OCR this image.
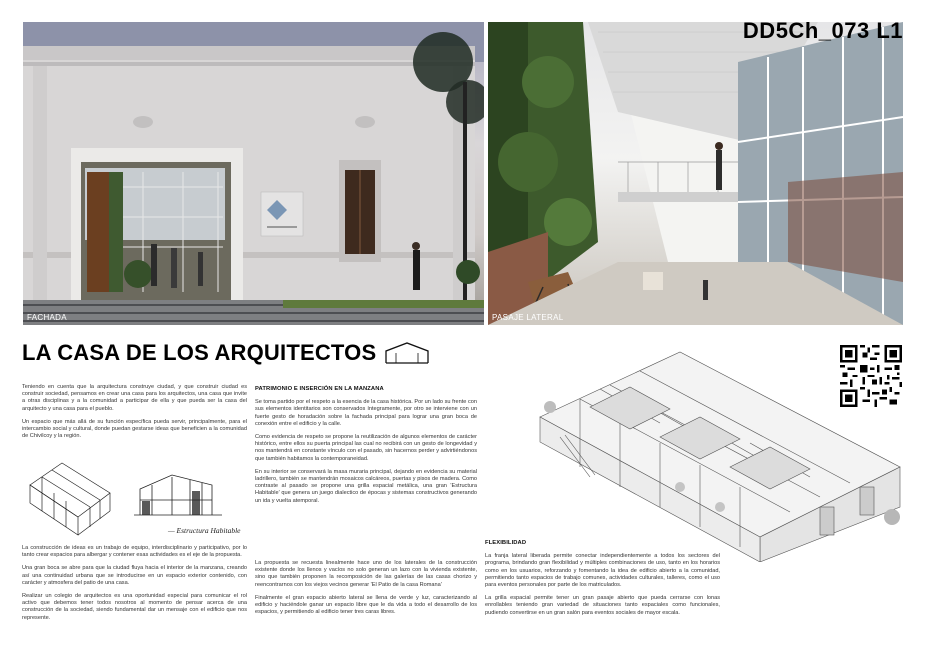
FACHADA	PASAJE LATERAL
DD5Ch_073 L1
LA CASA DE LOS ARQUITECTOS

Teniendo en cuenta que la arquitectura construye ciudad, y que construir ciudad es construir sociedad, pensamos en crear una casa para los arquitectos, una casa que invite a otras disciplinas y a la comunidad a participar de ella y que pueda ser la casa del arquitecto y una casa para el pueblo.

Un espacio que más allá de su función específica pueda servir, principalmente, para el intercambio social y cultural, donde puedan gestarse ideas que beneficien a la comunidad de Chivilcoy y la región.

— Estructura Habitable

La construcción de ideas es un trabajo de equipo, interdisciplinario y participativo, por lo tanto crear espacios para albergar y contener esas actividades es el eje de la propuesta.

Una gran boca se abre para que la ciudad fluya hacia el interior de la manzana, creando así una continuidad urbana que se introducirse en un espacio exterior contenido, con carácter y atmosfera del patio de una casa.

Realizar un colegio de arquitectos es una oportunidad especial para comunicar el rol activo que debemos tener todos nosotros al momento de pensar acerca de una construcción de la sociedad, siendo fundamental dar un mensaje con el edificio que nos represente.

PATRIMONIO E INSERCIÓN EN LA MANZANA

Se toma partido por el respeto a la esencia de la casa histórica. Por un lado su frente con sus elementos identitarios son conservados íntegramente, por otro se interviene con un fuerte gesto de horadación sobre la fachada principal para lograr una gran boca de conexión entre el edificio y la calle.

Como evidencia de respeto se propone la reutilización de algunos elementos de carácter histórico, entre ellos su puerta principal las cual no recibirá con un gesto de longevidad y nos mantendrá en constante vínculo con el pasado, sin hacernos perder y advirtiéndonos que también habitamos la contemporaneidad.

En su interior se conservará la masa muraria principal, dejando en evidencia su material ladrillero, también se mantendrán mosaicos calcáreos, puertas y pisos de madera. Como contraste al pasado se propone una grilla espacial metálica, una gran 'Estructura Habitable' que genera un juego dialectico de épocas y sistemas constructivos generando un ida y vuelta atemporal.

La propuesta se recuesta linealmente hace uno de los laterales de la construcción existente donde los llenos y vacíos no solo generan un lazo con la vivienda existente, sino que también proponen la recomposición de las galerías de las casas chorizo y reencontrarnos con los viejos vecinos generar 'El Patio de la casa Romana'

Finalmente el gran espacio abierto lateral se llena de verde y luz, caracterizando al edificio y haciéndole ganar un espacio libre que le da vida a todo el desarrollo de los espacios, y permitiendo al edificio tener tres caras libres.

FLEXIBILIDAD

La franja lateral liberada permite conectar independientemente a todos los sectores del programa, brindando gran flexibilidad y múltiples combinaciones de uso, tanto en los horarios como en los usuarios, reforzando y fomentando la idea de edificio abierto a la comunidad, permitiendo tanto espacios de trabajo comunes, actividades culturales, talleres, como el uso para eventos personales por parte de los matriculados.

La grilla espacial permite tener un gran pasaje abierto que pueda cerrarse con lonas enrollables teniendo gran variedad de situaciones tanto espaciales como funcionales, pudiendo convertirse en un gran salón para eventos sociales de mayor escala.
